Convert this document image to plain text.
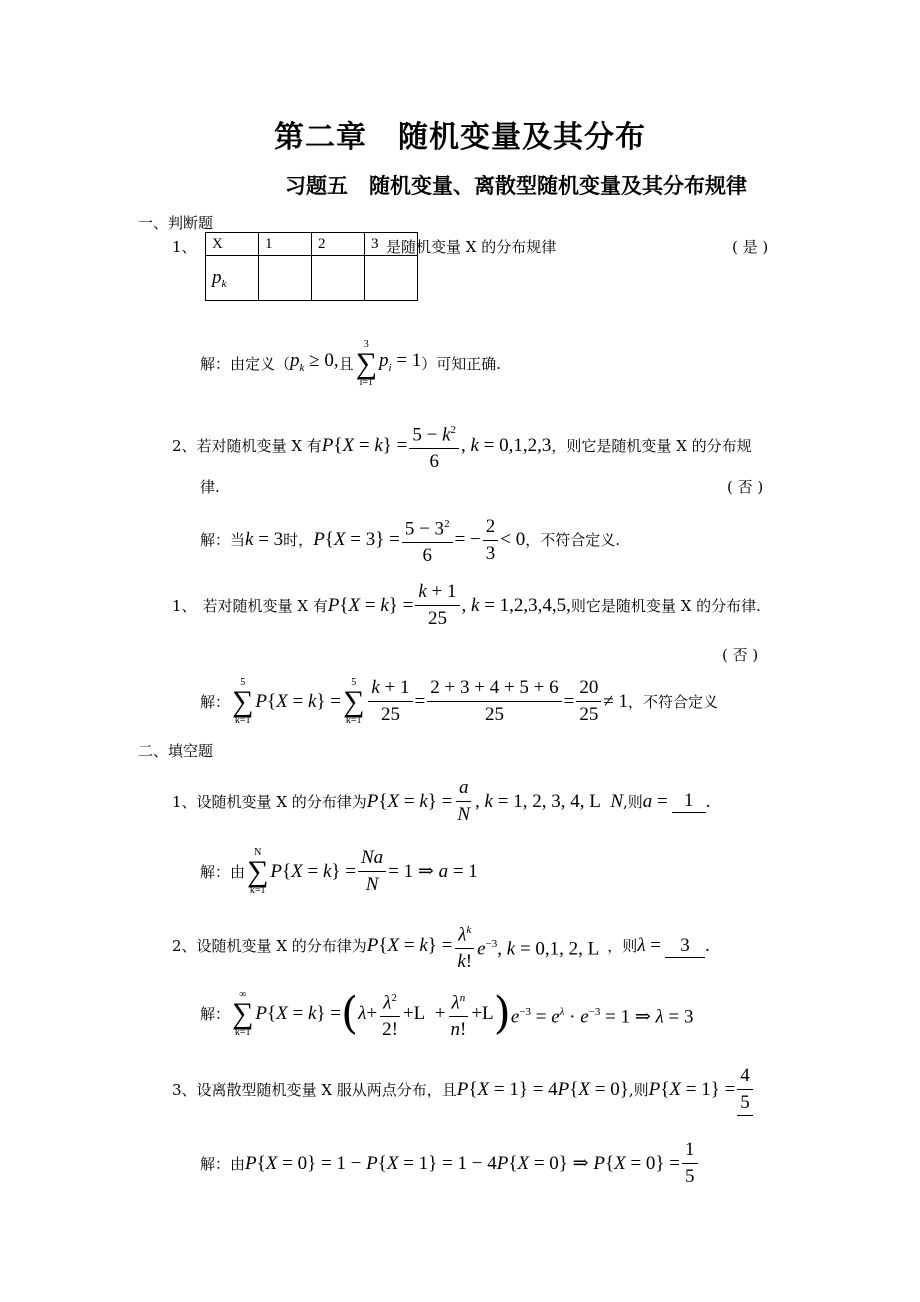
第二章　随机变量及其分布
习题五　随机变量、离散型随机变量及其分布规律
一、判断题
1、 X	1	2	3
$p_k$			
是随机变量 X 的分布规律	( 是 )
解：由定义（ $p_k \ge 0$, 且
3
∑
i=1
$p_i = 1$ ）可知正确.
2、 若对随机变量 X 有 $P\{X = k\} = \frac{5 - k^2}{6}$ , k = 0,1,2,3 ，则它是随机变量 X 的分布规
律.	( 否 )
解：当 k = 3 时， $P\{X = 3\} = \frac{5 - 3^2}{6}$ = − $\frac{2}{3} < 0$ ，不符合定义.
1、 若对随机变量 X 有 $P\{X = k\} = \frac{k + 1}{25}$ , k = 1,2,3,4,5, 则它是随机变量 X 的分布律.
( 否 )
解：
5
∑
k=1
P{X = k} =
5
∑
$k=1 \frac{k + 1}{25} = \frac{2 + 3 + 4 + 5 + 6}{25} = \frac{20}{25} \ne 1$ ，不符合定义
二、填空题
1、 设随机变量 X 的分布律为 $P\{X = k\} = \frac{a}{N}$ , k = 1, 2, 3, 4, L  N ,则 a = 1 .
解：由
N
∑
k=1
$P\{X = k\} = \frac{Na}{N} = 1$ ⇒ a = 1
2、 设随机变量 X 的分布律为 $P\{X = k\} = \frac{\lambda^k}{k!} e^{-3}$, k = 0,1, 2, L ，则 λ =	3 .
解：
∞
∑
k=1
P{X = k} = ( $\lambda + \frac{\lambda^2}{2!} +L + \frac{\lambda^n}{n!} +L$ ) $e^{-3} = e^\lambda \cdot e^{-3} = 1$ ⇒ λ = 3
3、 设离散型随机变量 X 服从两点分布，且 P{X = 1} = 4P{X = 0} ,则 $P\{X = 1\} = \frac{4}{5}$
解：由 P{X = 0} = 1 − P{X = 1} = 1 − 4P{X = 0} ⇒ $P\{X = 0\} = \frac{1}{5}$
